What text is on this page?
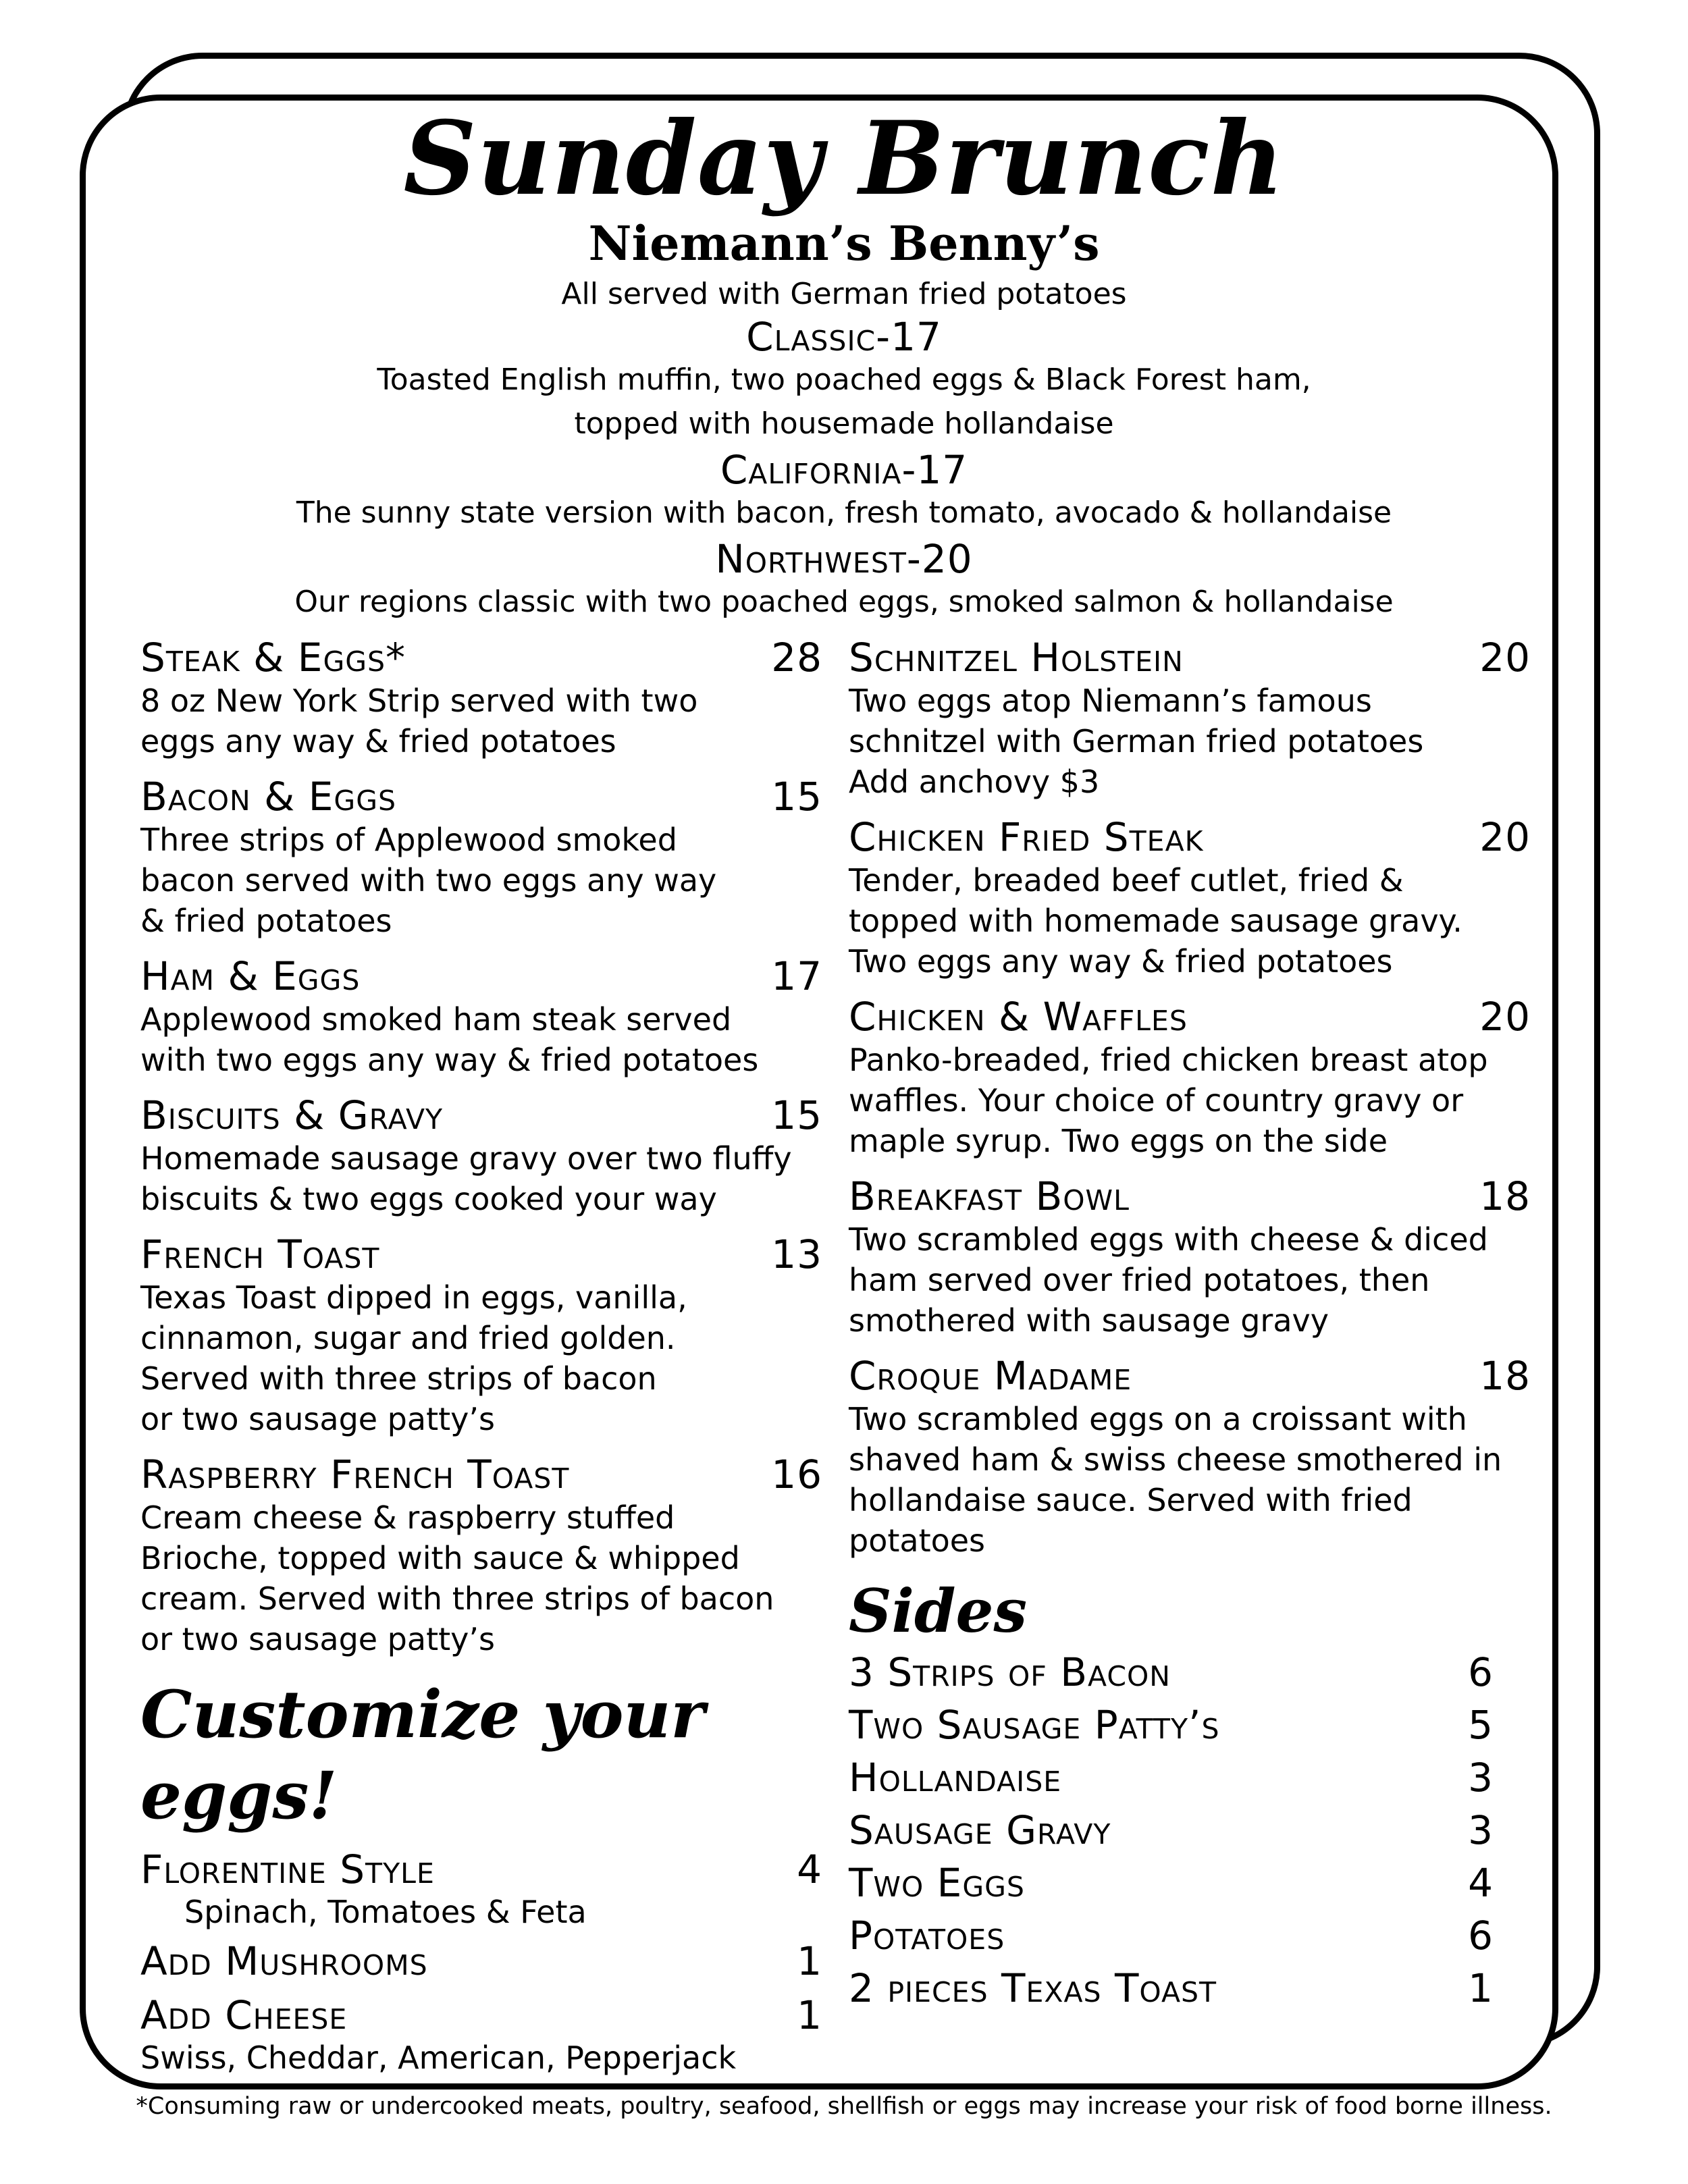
Sunday Brunch
Niemann’s Benny’s
All served with German fried potatoes
Classic-17
Toasted English muffin, two poached eggs & Black Forest ham,
topped with housemade hollandaise
California-17
The sunny state version with bacon, fresh tomato, avocado & hollandaise
Northwest-20
Our regions classic with two poached eggs, smoked salmon & hollandaise
Steak & Eggs*	28
8 oz New York Strip served with two
eggs any way & fried potatoes
Bacon & Eggs	15
Three strips of Applewood smoked
bacon served with two eggs any way
& fried potatoes
Ham & Eggs	17
Applewood smoked ham steak served
with two eggs any way & fried potatoes
Biscuits & Gravy	15
Homemade sausage gravy over two fluffy
biscuits & two eggs cooked your way
French Toast	13
Texas Toast dipped in eggs, vanilla,
cinnamon, sugar and fried golden.
Served with three strips of bacon
or two sausage patty’s
Raspberry French Toast	16
Cream cheese & raspberry stuffed
Brioche, topped with sauce & whipped
cream. Served with three strips of bacon
or two sausage patty’s
Customize your eggs!
Florentine Style	4
Spinach, Tomatoes & Feta
Add Mushrooms	1
Add Cheese	1
Swiss, Cheddar, American, Pepperjack
Schnitzel Holstein	20
Two eggs atop Niemann’s famous
schnitzel with German fried potatoes
Add anchovy $3
Chicken Fried Steak	20
Tender, breaded beef cutlet, fried &
topped with homemade sausage gravy.
Two eggs any way & fried potatoes
Chicken & Waffles	20
Panko-breaded, fried chicken breast atop
waffles. Your choice of country gravy or
maple syrup. Two eggs on the side
Breakfast Bowl	18
Two scrambled eggs with cheese & diced
ham served over fried potatoes, then
smothered with sausage gravy
Croque Madame	18
Two scrambled eggs on a croissant with
shaved ham & swiss cheese smothered in
hollandaise sauce. Served with fried
potatoes
Sides
3 Strips of Bacon	6
Two Sausage Patty’s	5
Hollandaise	3
Sausage Gravy	3
Two Eggs	4
Potatoes	6
2 pieces Texas Toast	1
*Consuming raw or undercooked meats, poultry, seafood, shellfish or eggs may increase your risk of food borne illness.
